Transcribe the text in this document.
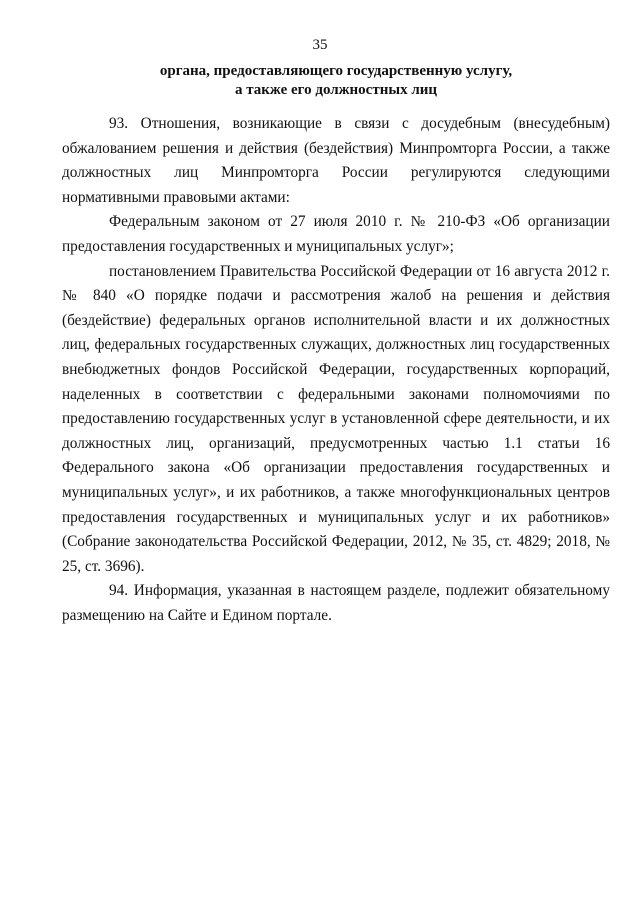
35
органа, предоставляющего государственную услугу,
а также его должностных лиц

93. Отношения, возникающие в связи с досудебным (внесудебным) обжалованием решения и действия (бездействия) Минпромторга России, а также должностных лиц Минпромторга России регулируются следующими нормативными правовыми актами:

Федеральным законом от 27 июля 2010 г. № 210-ФЗ «Об организации предоставления государственных и муниципальных услуг»;

постановлением Правительства Российской Федерации от 16 августа 2012 г. № 840 «О порядке подачи и рассмотрения жалоб на решения и действия (бездействие) федеральных органов исполнительной власти и их должностных лиц, федеральных государственных служащих, должностных лиц государственных внебюджетных фондов Российской Федерации, государственных корпораций, наделенных в соответствии с федеральными законами полномочиями по предоставлению государственных услуг в установленной сфере деятельности, и их должностных лиц, организаций, предусмотренных частью 1.1 статьи 16 Федерального закона «Об организации предоставления государственных и муниципальных услуг», и их работников, а также многофункциональных центров предоставления государственных и муниципальных услуг и их работников» (Собрание законодательства Российской Федерации, 2012, № 35, ст. 4829; 2018, № 25, ст. 3696).

94. Информация, указанная в настоящем разделе, подлежит обязательному размещению на Сайте и Едином портале.
